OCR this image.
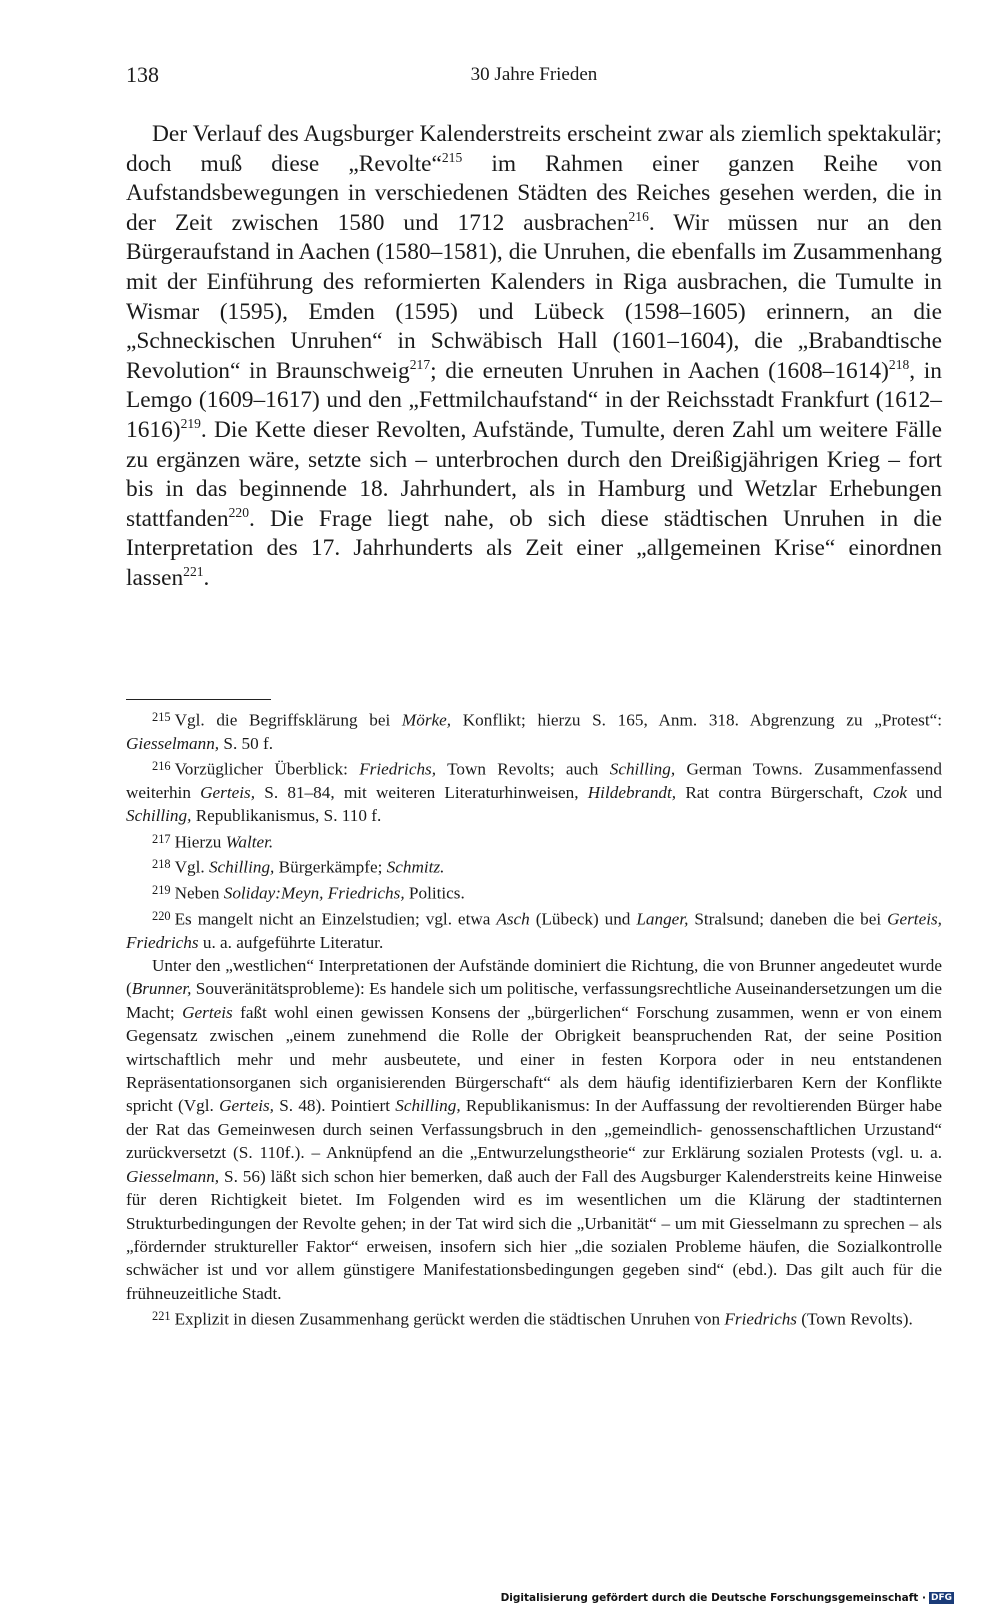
138	30 Jahre Frieden

Der Verlauf des Augsburger Kalenderstreits erscheint zwar als ziemlich spektakulär; doch muß diese „Revolte“$^{215}$ im Rahmen einer ganzen Reihe von Aufstandsbewegungen in verschiedenen Städten des Reiches gesehen werden, die in der Zeit zwischen 1580 und 1712 ausbrachen$^{216}$. Wir müssen nur an den Bürgeraufstand in Aachen (1580–1581), die Unruhen, die ebenfalls im Zusammenhang mit der Einführung des reformierten Kalenders in Riga ausbrachen, die Tumulte in Wismar (1595), Emden (1595) und Lübeck (1598–1605) erinnern, an die „Schneckischen Unruhen“ in Schwäbisch Hall (1601–1604), die „Brabandtische Revolution“ in Braunschweig$^{217}$; die erneuten Unruhen in Aachen (1608–1614)$^{218}$, in Lemgo (1609–1617) und den „Fettmilchaufstand“ in der Reichsstadt Frankfurt (1612–1616)$^{219}$. Die Kette dieser Revolten, Aufstände, Tumulte, deren Zahl um weitere Fälle zu ergänzen wäre, setzte sich – unterbrochen durch den Dreißigjährigen Krieg – fort bis in das beginnende 18. Jahrhundert, als in Hamburg und Wetzlar Erhebungen stattfanden$^{220}$. Die Frage liegt nahe, ob sich diese städtischen Unruhen in die Interpretation des 17. Jahrhunderts als Zeit einer „allgemeinen Krise“ einordnen lassen$^{221}$.

$^{215}$ Vgl. die Begriffsklärung bei Mörke, Konflikt; hierzu S. 165, Anm. 318. Abgrenzung zu „Protest“: Giesselmann, S. 50 f.

$^{216}$ Vorzüglicher Überblick: Friedrichs, Town Revolts; auch Schilling, German Towns. Zusammenfassend weiterhin Gerteis, S. 81–84, mit weiteren Literaturhinweisen, Hildebrandt, Rat contra Bürgerschaft, Czok und Schilling, Republikanismus, S. 110 f.

$^{217}$ Hierzu Walter.

$^{218}$ Vgl. Schilling, Bürgerkämpfe; Schmitz.

$^{219}$ Neben Soliday:Meyn, Friedrichs, Politics.

$^{220}$ Es mangelt nicht an Einzelstudien; vgl. etwa Asch (Lübeck) und Langer, Stralsund; daneben die bei Gerteis, Friedrichs u. a. aufgeführte Literatur.

Unter den „westlichen“ Interpretationen der Aufstände dominiert die Richtung, die von Brunner angedeutet wurde (Brunner, Souveränitätsprobleme): Es handele sich um politische, verfassungsrechtliche Auseinandersetzungen um die Macht; Gerteis faßt wohl einen gewissen Konsens der „bürgerlichen“ Forschung zusammen, wenn er von einem Gegensatz zwischen „einem zunehmend die Rolle der Obrigkeit beanspruchenden Rat, der seine Position wirtschaftlich mehr und mehr ausbeutete, und einer in festen Korpora oder in neu entstandenen Repräsentationsorganen sich organisierenden Bürgerschaft“ als dem häufig identifizierbaren Kern der Konflikte spricht (Vgl. Gerteis, S. 48). Pointiert Schilling, Republikanismus: In der Auffassung der revoltierenden Bürger habe der Rat das Gemeinwesen durch seinen Verfassungsbruch in den „gemeindlich- genossenschaftlichen Urzustand“ zurückversetzt (S. 110f.). – Anknüpfend an die „Entwurzelungstheorie“ zur Erklärung sozialen Protests (vgl. u. a. Giesselmann, S. 56) läßt sich schon hier bemerken, daß auch der Fall des Augsburger Kalenderstreits keine Hinweise für deren Richtigkeit bietet. Im Folgenden wird es im wesentlichen um die Klärung der stadtinternen Strukturbedingungen der Revolte gehen; in der Tat wird sich die „Urbanität“ – um mit Giesselmann zu sprechen – als „fördernder struktureller Faktor“ erweisen, insofern sich hier „die sozialen Probleme häufen, die Sozialkontrolle schwächer ist und vor allem günstigere Manifestationsbedingungen gegeben sind“ (ebd.). Das gilt auch für die frühneuzeitliche Stadt.

$^{221}$ Explizit in diesen Zusammenhang gerückt werden die städtischen Unruhen von Friedrichs (Town Revolts).

Digitalisierung gefördert durch die Deutsche Forschungsgemeinschaft · DFG
